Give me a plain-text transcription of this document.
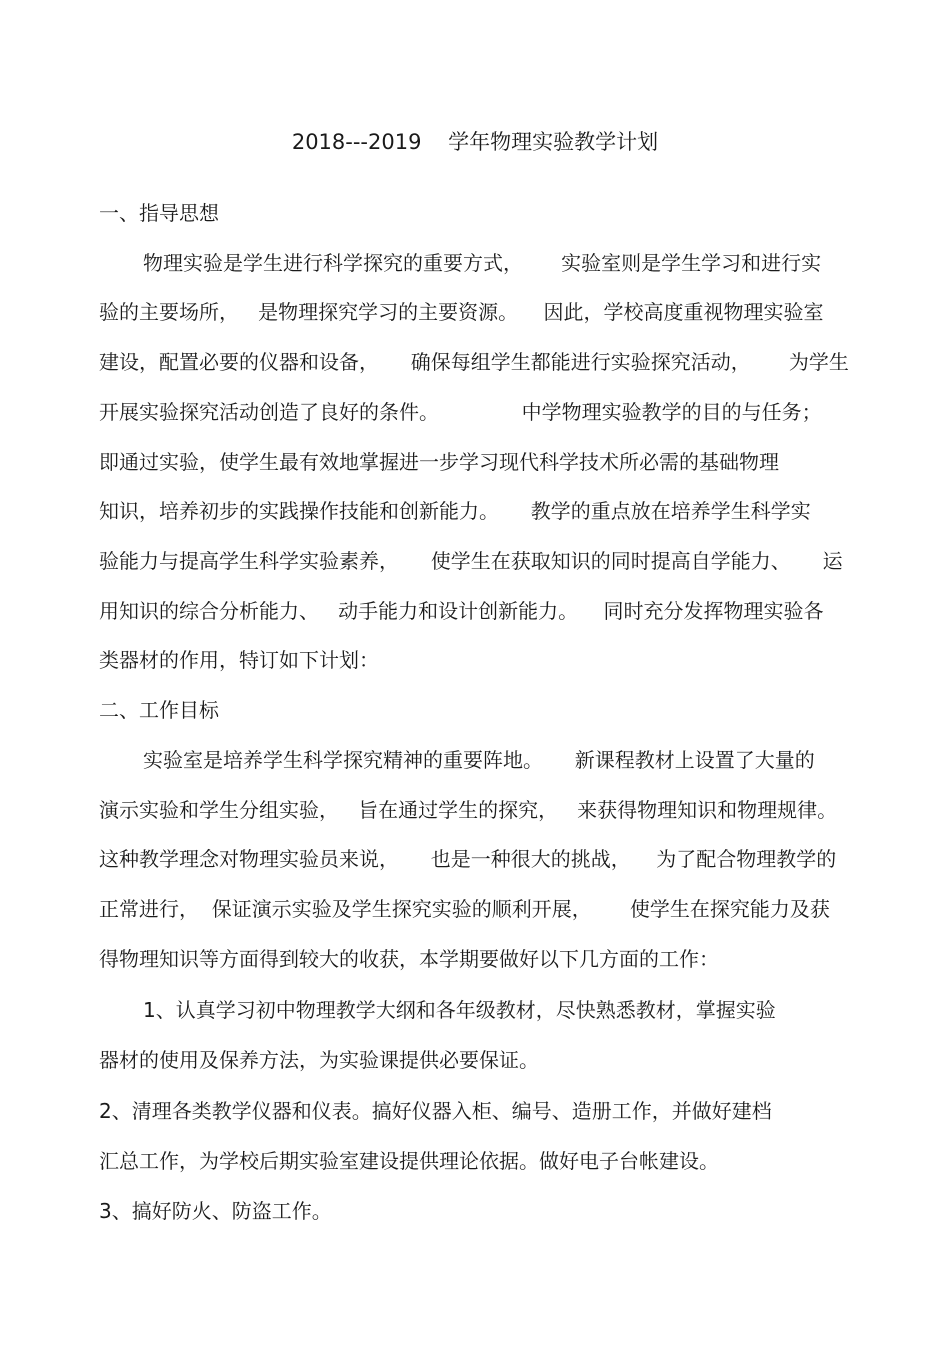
2018---2019    学年物理实验教学计划

一、指导思想

物理实验是学生进行科学探究的重要方式，      实验室则是学生学习和进行实

验的主要场所，   是物理探究学习的主要资源。    因此，学校高度重视物理实验室

建设，配置必要的仪器和设备，     确保每组学生都能进行实验探究活动，      为学生

开展实验探究活动创造了良好的条件。             中学物理实验教学的目的与任务；

即通过实验，使学生最有效地掌握进一步学习现代科学技术所必需的基础物理

知识，培养初步的实践操作技能和创新能力。     教学的重点放在培养学生科学实

验能力与提高学生科学实验素养，     使学生在获取知识的同时提高自学能力、     运

用知识的综合分析能力、   动手能力和设计创新能力。    同时充分发挥物理实验各

类器材的作用，特订如下计划：

二、工作目标

实验室是培养学生科学探究精神的重要阵地。     新课程教材上设置了大量的

演示实验和学生分组实验，   旨在通过学生的探究，   来获得物理知识和物理规律。

这种教学理念对物理实验员来说，     也是一种很大的挑战，    为了配合物理教学的

正常进行，  保证演示实验及学生探究实验的顺利开展，      使学生在探究能力及获

得物理知识等方面得到较大的收获，本学期要做好以下几方面的工作：

1、认真学习初中物理教学大纲和各年级教材，尽快熟悉教材，掌握实验

器材的使用及保养方法，为实验课提供必要保证。

2、清理各类教学仪器和仪表。搞好仪器入柜、编号、造册工作，并做好建档

汇总工作，为学校后期实验室建设提供理论依据。做好电子台帐建设。

3、搞好防火、防盗工作。
